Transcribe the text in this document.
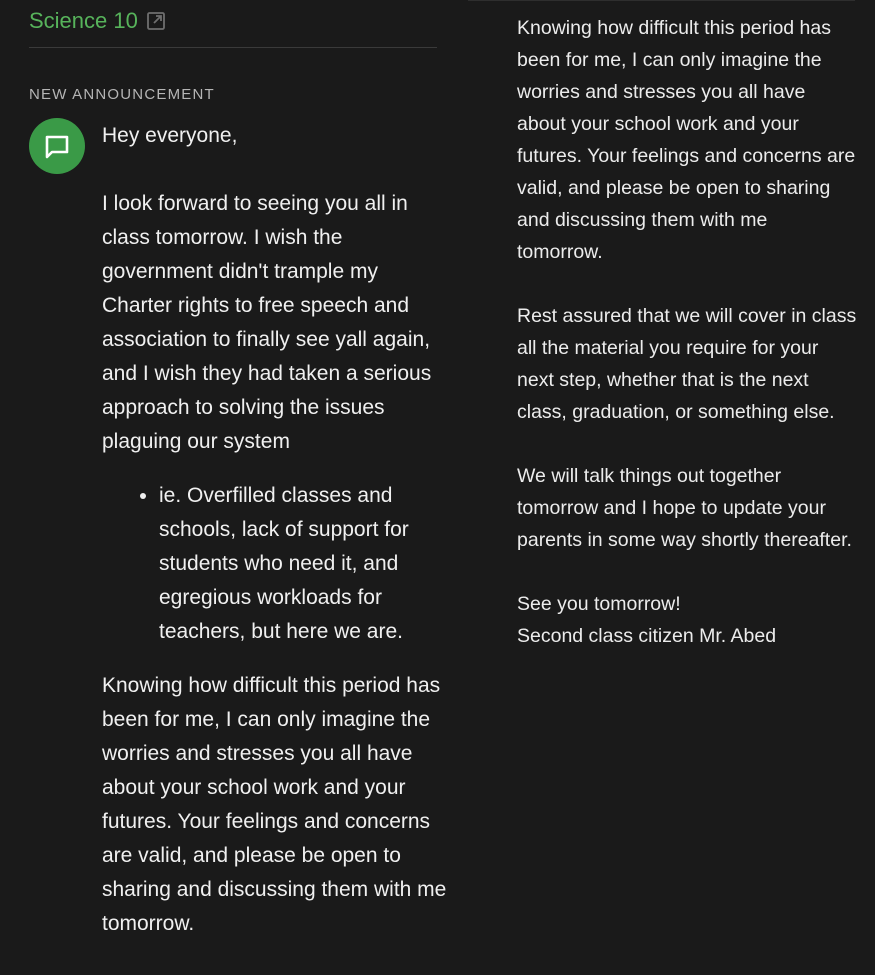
Science 10
NEW ANNOUNCEMENT

Hey everyone,

I look forward to seeing you all in class tomorrow. I wish the government didn't trample my Charter rights to free speech and association to finally see yall again, and I wish they had taken a serious approach to solving the issues plaguing our system

• ie. Overfilled classes and schools, lack of support for students who need it, and egregious workloads for teachers, but here we are.

Knowing how difficult this period has been for me, I can only imagine the worries and stresses you all have about your school work and your futures. Your feelings and concerns are valid, and please be open to sharing and discussing them with me tomorrow.

Knowing how difficult this period has been for me, I can only imagine the worries and stresses you all have about your school work and your futures. Your feelings and concerns are valid, and please be open to sharing and discussing them with me tomorrow.

Rest assured that we will cover in class all the material you require for your next step, whether that is the next class, graduation, or something else.

We will talk things out together tomorrow and I hope to update your parents in some way shortly thereafter.

See you tomorrow!

Second class citizen Mr. Abed
